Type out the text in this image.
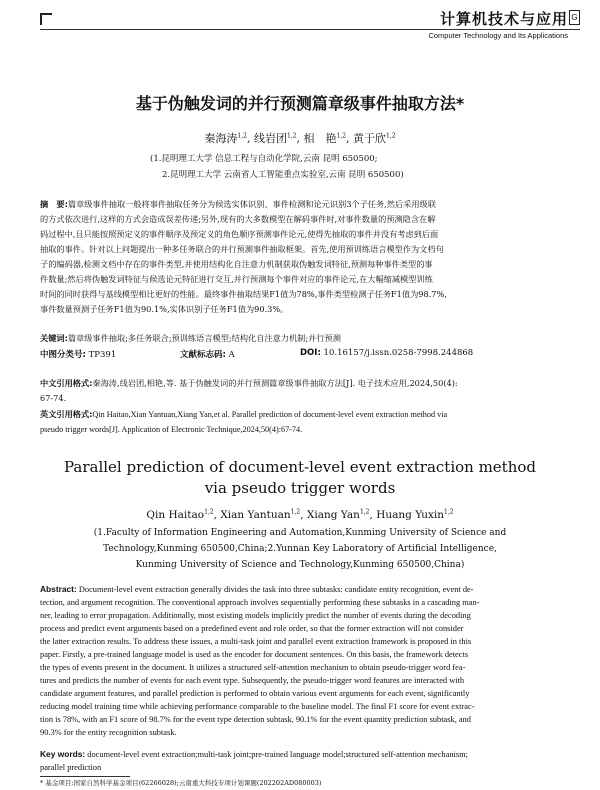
计算机技术与应用 G
Computer Technology and Its Applications
基于伪触发词的并行预测篇章级事件抽取方法*
秦海涛$^{1,2}$, 线岩团$^{1,2}$, 相　艳$^{1,2}$, 黄于欣$^{1,2}$
(1.昆明理工大学 信息工程与自动化学院,云南 昆明 650500;
2.昆明理工大学 云南省人工智能重点实验室,云南 昆明 650500)
摘　要:篇章级事件抽取一般将事件抽取任务分为候选实体识别、事件检测和论元识别3个子任务,然后采用级联
的方式依次进行,这样的方式会造成误差传递;另外,现有的大多数模型在解码事件时,对事件数量的预测隐含在解
码过程中,且只能按照预定义的事件顺序及预定义的角色顺序预测事件论元,使得先抽取的事件并没有考虑到后面
抽取的事件。针对以上问题提出一种多任务联合的并行预测事件抽取框架。首先,使用预训练语言模型作为文档句
子的编码器,检测文档中存在的事件类型,并使用结构化自注意力机制获取伪触发词特征,预测每种事件类型的事
件数量;然后将伪触发词特征与候选论元特征进行交互,并行预测每个事件对应的事件论元,在大幅缩减模型训练
时间的同时获得与基线模型相比更好的性能。最终事件抽取结果F1值为78%,事件类型检测子任务F1值为98.7%,
事件数量预测子任务F1值为90.1%,实体识别子任务F1值为90.3%。
关键词:篇章级事件抽取;多任务联合;预训练语言模型;结构化自注意力机制;并行预测
中图分类号: TP391	文献标志码: A	DOI: 10.16157/j.issn.0258-7998.244868
中文引用格式:秦海涛,线岩团,相艳,等. 基于伪触发词的并行预测篇章级事件抽取方法[J]. 电子技术应用,2024,50(4):
67-74.
英文引用格式:Qin Haitao,Xian Yantuan,Xiang Yan,et al. Parallel prediction of document-level event extraction method via
pseudo trigger words[J]. Application of Electronic Technique,2024,50(4):67-74.
Parallel prediction of document-level event extraction method
via pseudo trigger words
Qin Haitao$^{1,2}$, Xian Yantuan$^{1,2}$, Xiang Yan$^{1,2}$, Huang Yuxin$^{1,2}$
(1.Faculty of Information Engineering and Automation,Kunming University of Science and
Technology,Kunming 650500,China;2.Yunnan Key Laboratory of Artificial Intelligence,
Kunming University of Science and Technology,Kunming 650500,China)
Abstract: Document-level event extraction generally divides the task into three subtasks: candidate entity recognition, event de-
tection, and argument recognition. The conventional approach involves sequentially performing these subtasks in a cascading man-
ner, leading to error propagation. Additionally, most existing models implicitly predict the number of events during the decoding
process and predict event arguments based on a predefined event and role order, so that the former extraction will not consider
the latter extraction results. To address these issues, a multi-task joint and parallel event extraction framework is proposed in this
paper. Firstly, a pre-trained language model is used as the encoder for document sentences. On this basis, the framework detects
the types of events present in the document. It utilizes a structured self-attention mechanism to obtain pseudo-trigger word fea-
tures and predicts the number of events for each event type. Subsequently, the pseudo-trigger word features are interacted with
candidate argument features, and parallel prediction is performed to obtain various event arguments for each event, significantly
reducing model training time while achieving performance comparable to the baseline model. The final F1 score for event extrac-
tion is 78%, with an F1 score of 98.7% for the event type detection subtask, 90.1% for the event quantity prediction subtask, and
90.3% for the entity recognition subtask.
Key words: document-level event extraction;multi-task joint;pre-trained language model;structured self-attention mechanism;
parallel prediction
* 基金项目:国家自然科学基金项目(62266028);云南重大科技专项计划课题(202202AD080003)
